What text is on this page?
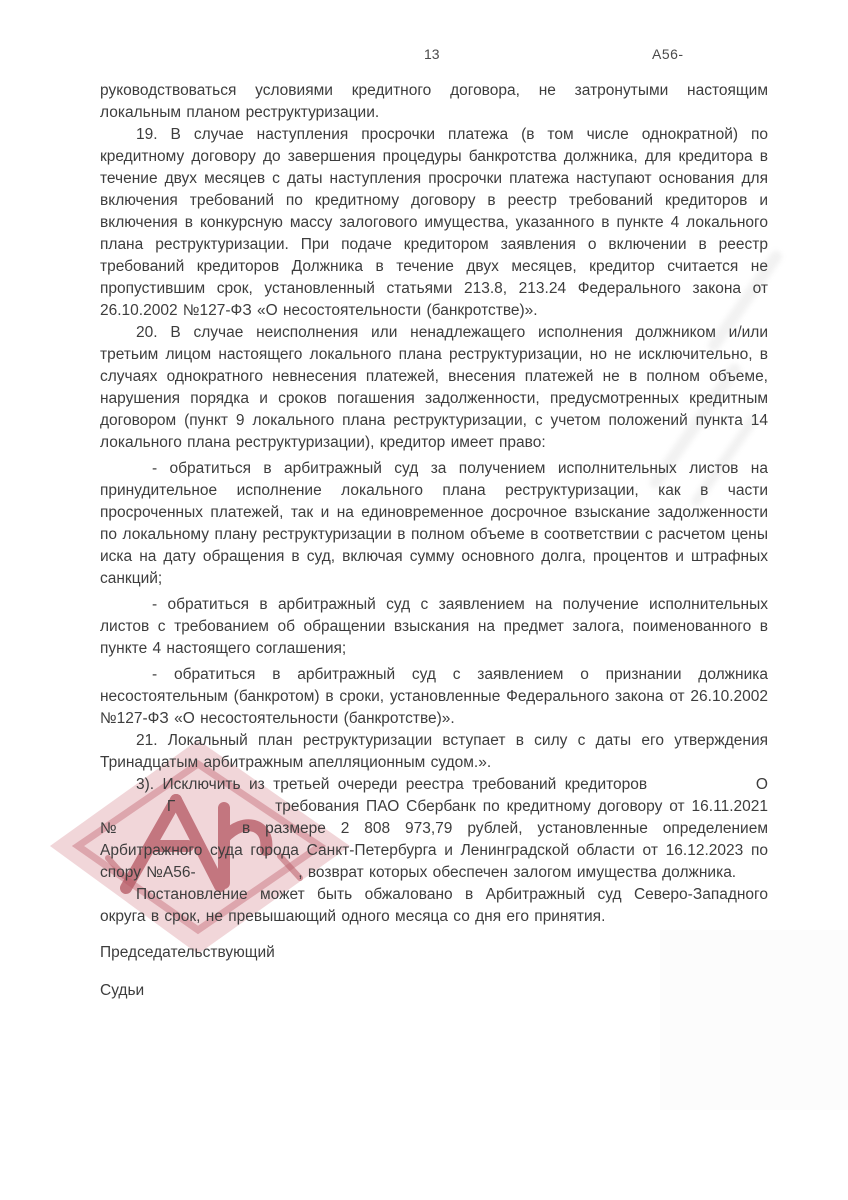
13	А56-

руководствоваться условиями кредитного договора, не затронутыми настоящим локальным планом реструктуризации.

19. В случае наступления просрочки платежа (в том числе однократной) по кредитному договору до завершения процедуры банкротства должника, для кредитора в течение двух месяцев с даты наступления просрочки платежа наступают основания для включения требований по кредитному договору в реестр требований кредиторов и включения в конкурсную массу залогового имущества, указанного в пункте 4 локального плана реструктуризации. При подаче кредитором заявления о включении в реестр требований кредиторов Должника в течение двух месяцев, кредитор считается не пропустившим срок, установленный статьями 213.8, 213.24 Федерального закона от 26.10.2002 №127-ФЗ «О несостоятельности (банкротстве)».

20. В случае неисполнения или ненадлежащего исполнения должником и/или третьим лицом настоящего локального плана реструктуризации, но не исключительно, в случаях однократного невнесения платежей, внесения платежей не в полном объеме, нарушения порядка и сроков погашения задолженности, предусмотренных кредитным договором (пункт 9 локального плана реструктуризации, с учетом положений пункта 14 локального плана реструктуризации), кредитор имеет право:

- обратиться в арбитражный суд за получением исполнительных листов на принудительное исполнение локального плана реструктуризации, как в части просроченных платежей, так и на единовременное досрочное взыскание задолженности по локальному плану реструктуризации в полном объеме в соответствии с расчетом цены иска на дату обращения в суд, включая сумму основного долга, процентов и штрафных санкций;

- обратиться в арбитражный суд с заявлением на получение исполнительных листов с требованием об обращении взыскания на предмет залога, поименованного в пункте 4 настоящего соглашения;

- обратиться в арбитражный суд с заявлением о признании должника несостоятельным (банкротом) в сроки, установленные Федерального закона от 26.10.2002 №127-ФЗ «О несостоятельности (банкротстве)».

21. Локальный план реструктуризации вступает в силу с даты его утверждения Тринадцатым арбитражным апелляционным судом.».

3). Исключить из третьей очереди реестра требований кредиторов	О  Г	требования ПАО Сбербанк по кредитному договору от 16.11.2021 №	в размере 2 808 973,79 рублей, установленные определением Арбитражного суда города Санкт-Петербурга и Ленинградской области от 16.12.2023 по спору №А56-	, возврат которых обеспечен залогом имущества должника.

Постановление может быть обжаловано в Арбитражный суд Северо-Западного округа в срок, не превышающий одного месяца со дня его принятия.

Председательствующий

Судьи
